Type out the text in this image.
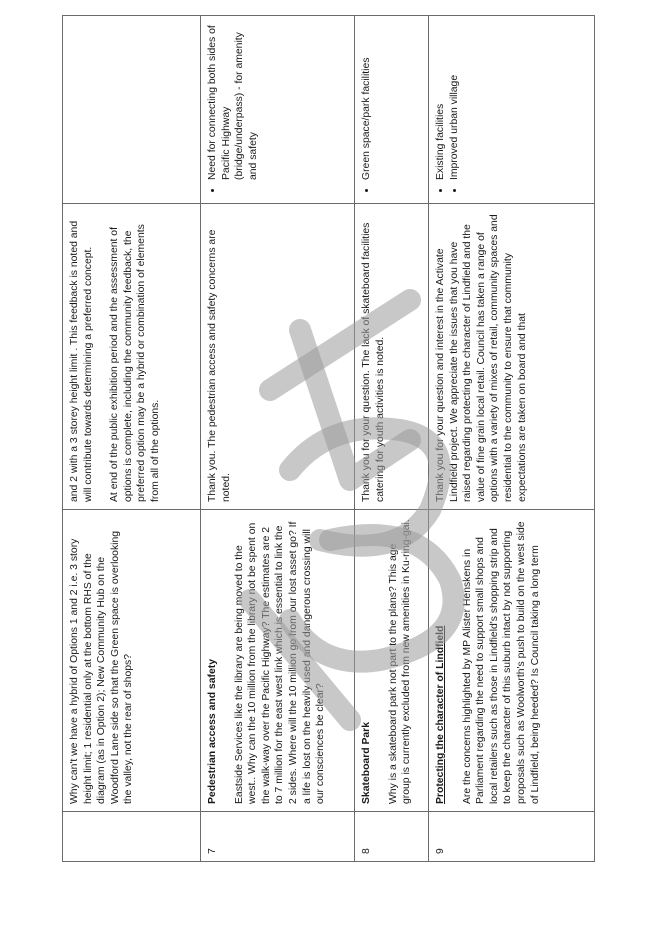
Why can't we have a hybrid of Options 1 and 2 i.e. 3 story height limit; 1 residential only at the bottom RHS of the diagram (as in Option 2); New Community Hub on the Woodford Lane side so that the Green space is overlooking the valley, not the rear of shops?

and 2 with a 3 storey height limit . This feedback is noted and will contribute towards determining a preferred concept. At end of the public exhibition period and the assessment of options is complete, including the community feedback, the preferred option may be a hybrid or combination of elements from all of the options.

7	
Pedestrian access and safety Eastside Services like the library are being moved to the west.. Why can the 10 million from the library not be spent on the walk-way over the Pacific Highway? The estimates are 2 to 7 million for the east west link which is essential to link the 2 sides. Where will the 10 million go from our lost asset go? If a life is lost on the heavily used and dangerous crossing will our consciences be clear?

Thank you. The pedestrian access and safety concerns are noted.

• Need for connecting both sides of Pacific Highway (bridge/underpass) - for amenity and safety

8	
Skateboard Park Why is a skateboard park not part to the plans? This age group is currently excluded from new amenities in Ku-ring-gai.

Thank you for your question. The lack of skateboard facilities catering for youth activities is noted.

• Green space/park facilities

9	
Protecting the character of Lindfield Are the concerns highlighted by MP Alister Henskens in Parliament regarding the need to support small shops and local retailers such as those in Lindfield's shopping strip and to keep the character of this suburb intact by not supporting proposals such as Woolworth's push to build on the west side of Lindfield, being heeded? Is Council taking a long term

Thank you for your question and interest in the Activate Lindfield project. We appreciate the issues that you have raised regarding protecting the character of Lindfield and the value of fine grain local retail. Council has taken a range of options with a variety of mixes of retail, community spaces and residential to the community to ensure that community expectations are taken on board and that

• Existing facilities
• Improved urban village
